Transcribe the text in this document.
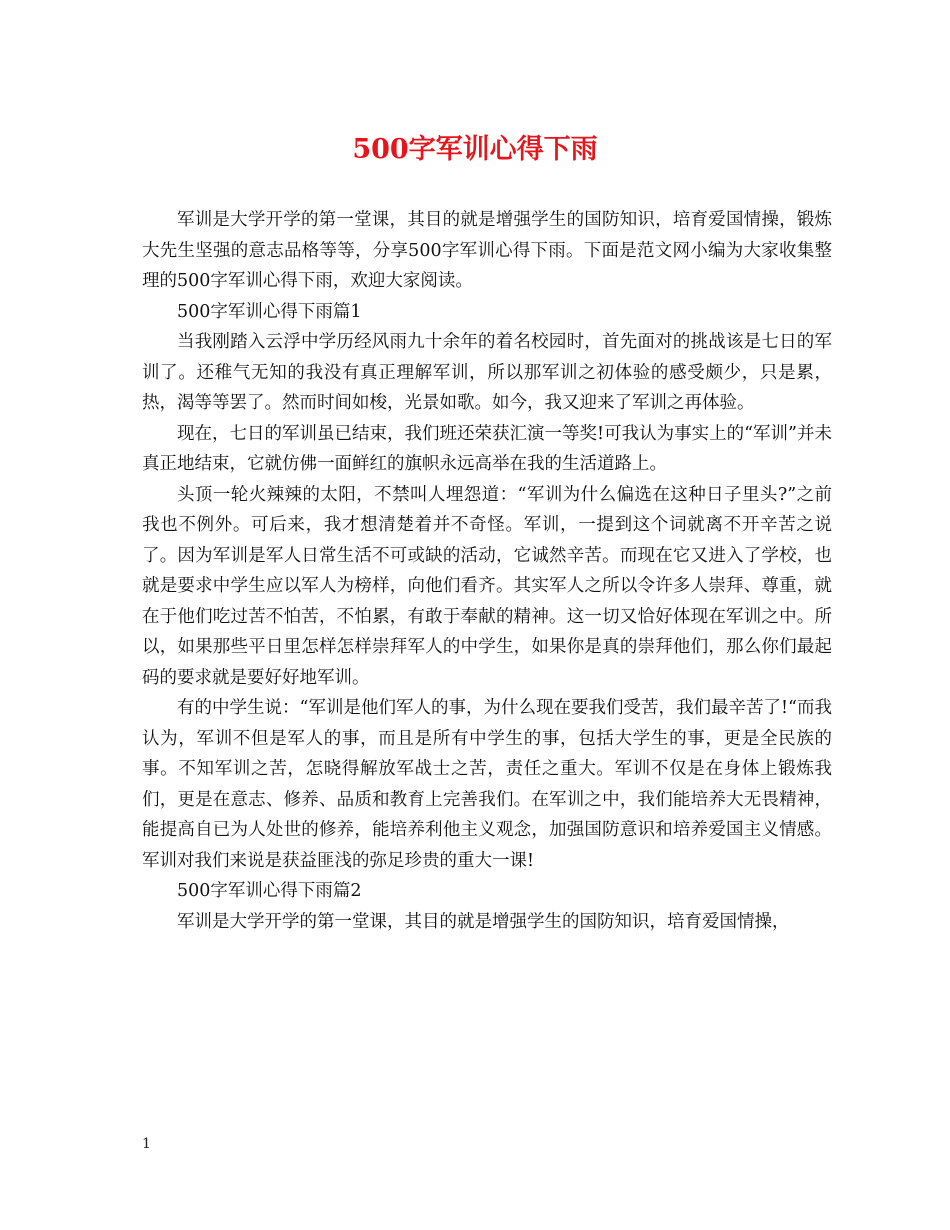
500字军训心得下雨

军训是大学开学的第一堂课，其目的就是增强学生的国防知识，培育爱国情操，锻炼大先生坚强的意志品格等等，分享500字军训心得下雨。下面是范文网小编为大家收集整理的500字军训心得下雨，欢迎大家阅读。

500字军训心得下雨篇1

当我刚踏入云浮中学历经风雨九十余年的着名校园时，首先面对的挑战该是七日的军训了。还稚气无知的我没有真正理解军训，所以那军训之初体验的感受颇少，只是累，热，渴等等罢了。然而时间如梭，光景如歌。如今，我又迎来了军训之再体验。

现在，七日的军训虽已结束，我们班还荣获汇演一等奖!可我认为事实上的“军训”并未真正地结束，它就仿佛一面鲜红的旗帜永远高举在我的生活道路上。

头顶一轮火辣辣的太阳，不禁叫人埋怨道：“军训为什么偏选在这种日子里头?”之前我也不例外。可后来，我才想清楚着并不奇怪。军训，一提到这个词就离不开辛苦之说了。因为军训是军人日常生活不可或缺的活动，它诚然辛苦。而现在它又进入了学校，也就是要求中学生应以军人为榜样，向他们看齐。其实军人之所以令许多人崇拜、尊重，就在于他们吃过苦不怕苦，不怕累，有敢于奉献的精神。这一切又恰好体现在军训之中。所以，如果那些平日里怎样怎样崇拜军人的中学生，如果你是真的崇拜他们，那么你们最起码的要求就是要好好地军训。

有的中学生说：“军训是他们军人的事，为什么现在要我们受苦，我们最辛苦了!“而我认为，军训不但是军人的事，而且是所有中学生的事，包括大学生的事，更是全民族的事。不知军训之苦，怎晓得解放军战士之苦，责任之重大。军训不仅是在身体上锻炼我们，更是在意志、修养、品质和教育上完善我们。在军训之中，我们能培养大无畏精神，能提高自已为人处世的修养，能培养利他主义观念，加强国防意识和培养爱国主义情感。军训对我们来说是获益匪浅的弥足珍贵的重大一课!

500字军训心得下雨篇2

军训是大学开学的第一堂课，其目的就是增强学生的国防知识，培育爱国情操，

1
